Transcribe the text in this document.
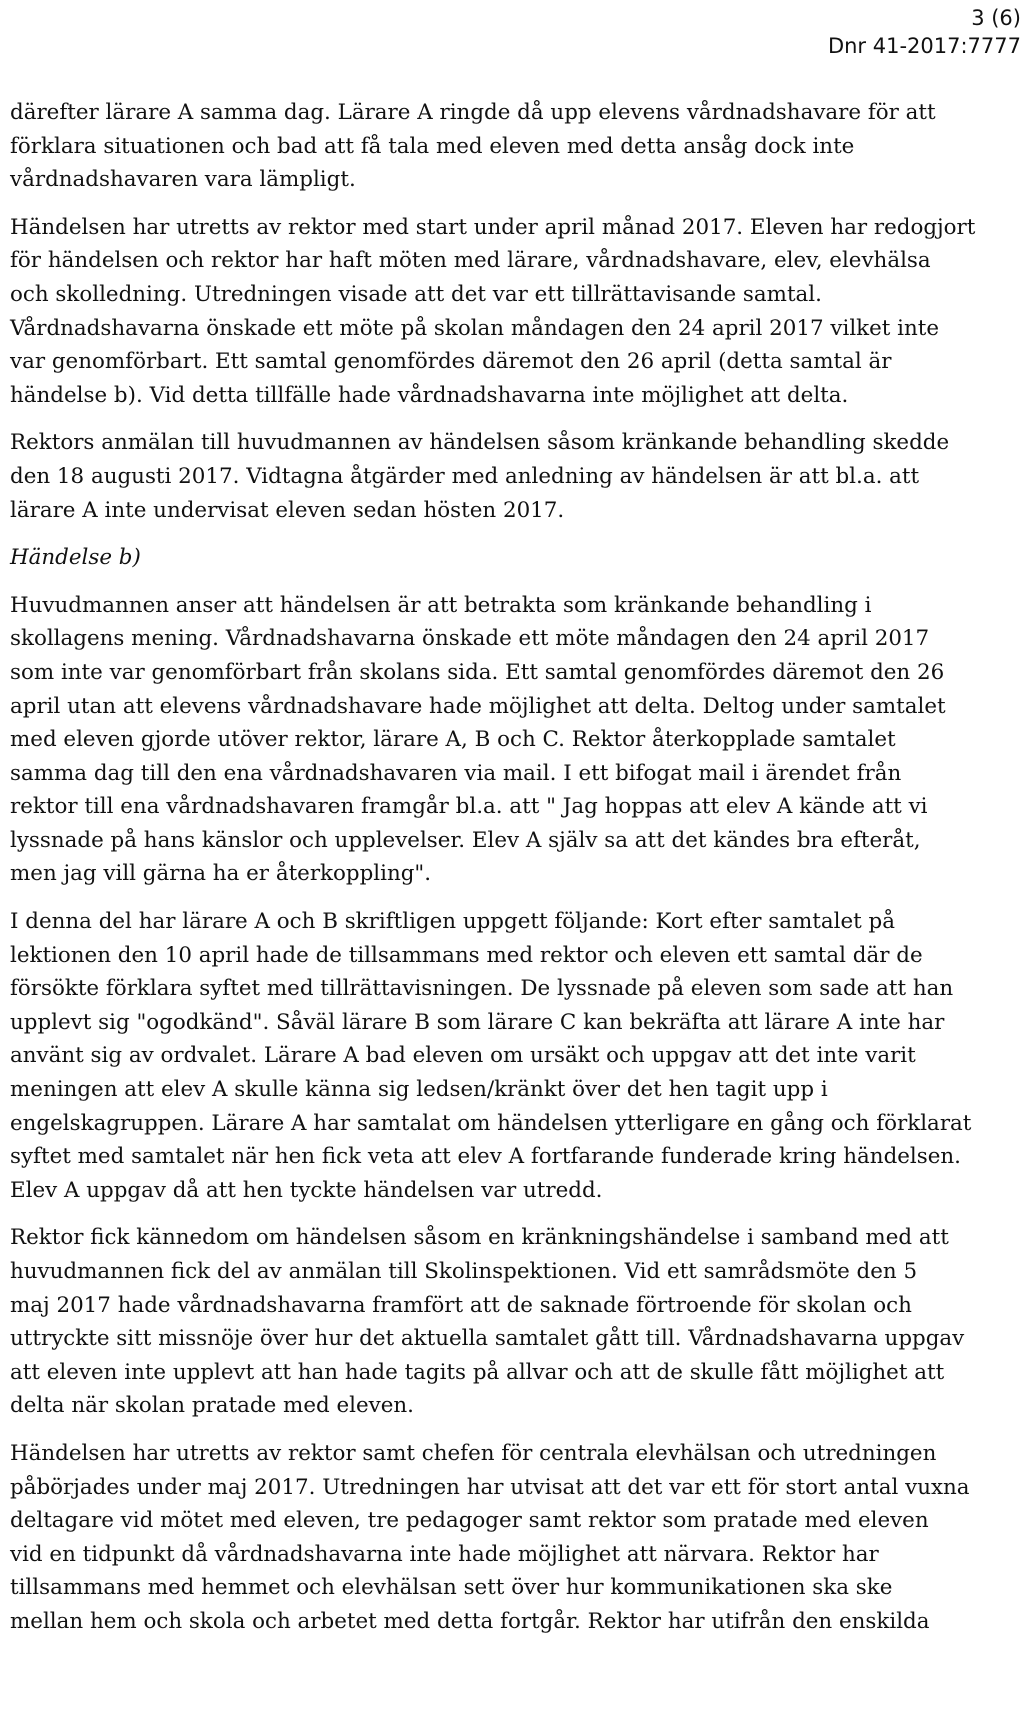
3 (6)
Dnr 41-2017:7777

därefter lärare A samma dag. Lärare A ringde då upp elevens vårdnadshavare för att
förklara situationen och bad att få tala med eleven med detta ansåg dock inte
vårdnadshavaren vara lämpligt.

Händelsen har utretts av rektor med start under april månad 2017. Eleven har redogjort
för händelsen och rektor har haft möten med lärare, vårdnadshavare, elev, elevhälsa
och skolledning. Utredningen visade att det var ett tillrättavisande samtal.
Vårdnadshavarna önskade ett möte på skolan måndagen den 24 april 2017 vilket inte
var genomförbart. Ett samtal genomfördes däremot den 26 april (detta samtal är
händelse b). Vid detta tillfälle hade vårdnadshavarna inte möjlighet att delta.

Rektors anmälan till huvudmannen av händelsen såsom kränkande behandling skedde
den 18 augusti 2017. Vidtagna åtgärder med anledning av händelsen är att bl.a. att
lärare A inte undervisat eleven sedan hösten 2017.

Händelse b)

Huvudmannen anser att händelsen är att betrakta som kränkande behandling i
skollagens mening. Vårdnadshavarna önskade ett möte måndagen den 24 april 2017
som inte var genomförbart från skolans sida. Ett samtal genomfördes däremot den 26
april utan att elevens vårdnadshavare hade möjlighet att delta. Deltog under samtalet
med eleven gjorde utöver rektor, lärare A, B och C. Rektor återkopplade samtalet
samma dag till den ena vårdnadshavaren via mail. I ett bifogat mail i ärendet från
rektor till ena vårdnadshavaren framgår bl.a. att " Jag hoppas att elev A kände att vi
lyssnade på hans känslor och upplevelser. Elev A själv sa att det kändes bra efteråt,
men jag vill gärna ha er återkoppling".

I denna del har lärare A och B skriftligen uppgett följande: Kort efter samtalet på
lektionen den 10 april hade de tillsammans med rektor och eleven ett samtal där de
försökte förklara syftet med tillrättavisningen. De lyssnade på eleven som sade att han
upplevt sig "ogodkänd". Såväl lärare B som lärare C kan bekräfta att lärare A inte har
använt sig av ordvalet. Lärare A bad eleven om ursäkt och uppgav att det inte varit
meningen att elev A skulle känna sig ledsen/kränkt över det hen tagit upp i
engelskagruppen. Lärare A har samtalat om händelsen ytterligare en gång och förklarat
syftet med samtalet när hen fick veta att elev A fortfarande funderade kring händelsen.
Elev A uppgav då att hen tyckte händelsen var utredd.

Rektor fick kännedom om händelsen såsom en kränkningshändelse i samband med att
huvudmannen fick del av anmälan till Skolinspektionen. Vid ett samrådsmöte den 5
maj 2017 hade vårdnadshavarna framfört att de saknade förtroende för skolan och
uttryckte sitt missnöje över hur det aktuella samtalet gått till. Vårdnadshavarna uppgav
att eleven inte upplevt att han hade tagits på allvar och att de skulle fått möjlighet att
delta när skolan pratade med eleven.

Händelsen har utretts av rektor samt chefen för centrala elevhälsan och utredningen
påbörjades under maj 2017. Utredningen har utvisat att det var ett för stort antal vuxna
deltagare vid mötet med eleven, tre pedagoger samt rektor som pratade med eleven
vid en tidpunkt då vårdnadshavarna inte hade möjlighet att närvara. Rektor har
tillsammans med hemmet och elevhälsan sett över hur kommunikationen ska ske
mellan hem och skola och arbetet med detta fortgår. Rektor har utifrån den enskilda
